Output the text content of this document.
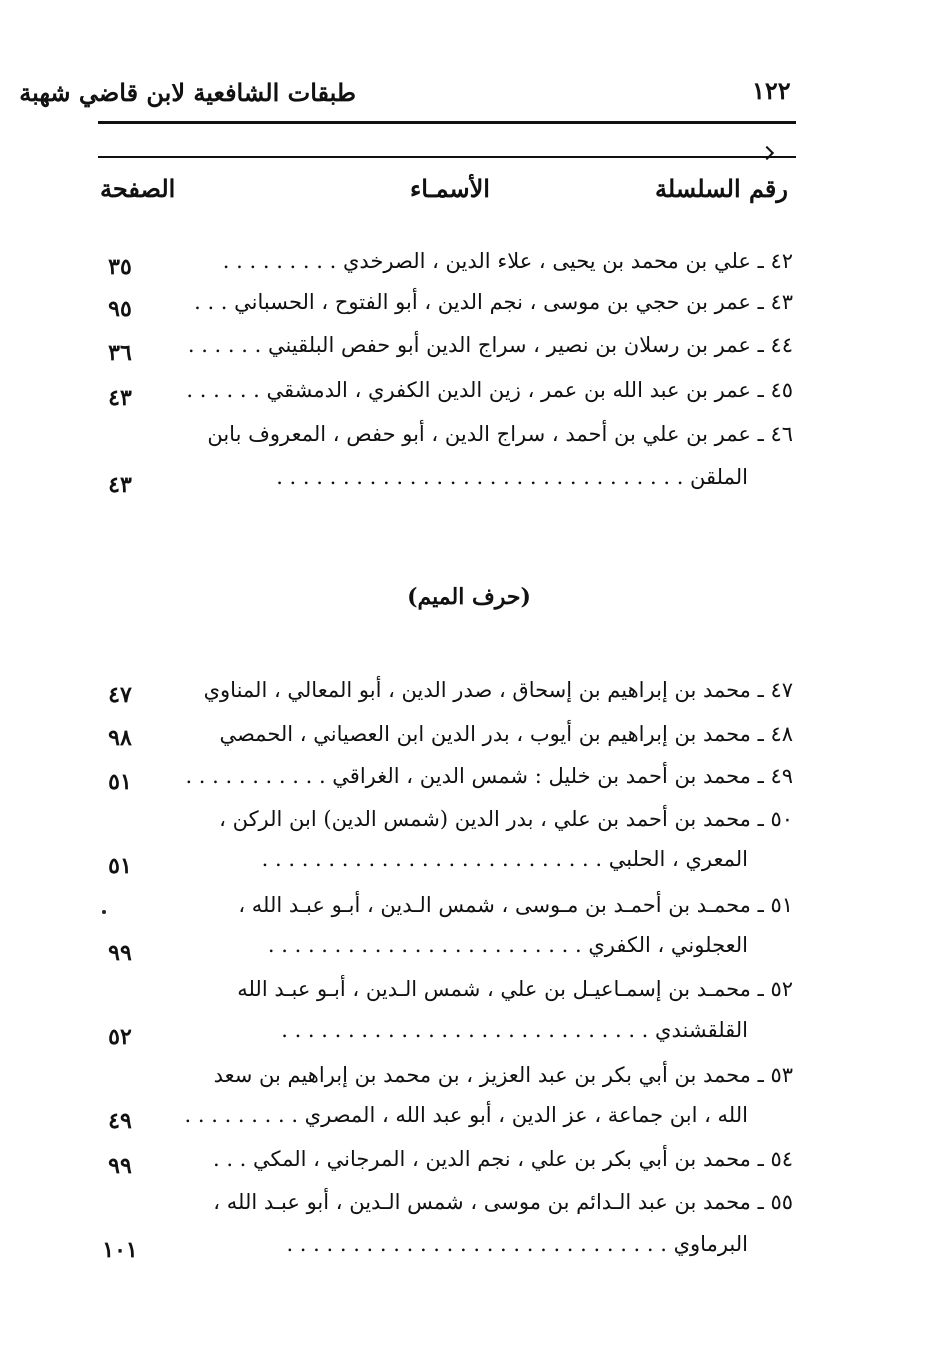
طبقات الشافعية لابن قاضي شهبة	١٢٢
رقم السلسلة
الأسمـاء
الصفحة
٤٢ ـ علي بن محمد بن يحيى ، علاء الدين ، الصرخدي . . . . . . . . .
٣٥
٤٣ ـ عمر بن حجي بن موسى ، نجم الدين ، أبو الفتوح ، الحسباني . . .
٩٥
٤٤ ـ عمر بن رسلان بن نصير ، سراج الدين أبو حفص البلقيني . . . . . .
٣٦
٤٥ ـ عمر بن عبد الله بن عمر ، زين الدين الكفري ، الدمشقي . . . . . .
٤٣
٤٦ ـ عمر بن علي بن أحمد ، سراج الدين ، أبو حفص ، المعروف بابن
الملقن . . . . . . . . . . . . . . . . . . . . . . . . . . . . . . .
٤٣
(حرف الميم)
٤٧ ـ محمد بن إبراهيم بن إسحاق ، صدر الدين ، أبو المعالي ، المناوي
٤٧
٤٨ ـ محمد بن إبراهيم بن أيوب ، بدر الدين ابن العصياني ، الحمصي
٩٨
٤٩ ـ محمد بن أحمد بن خليل : شمس الدين ، الغراقي . . . . . . . . . . .
٥١
٥٠ ـ محمد بن أحمد بن علي ، بدر الدين (شمس الدين) ابن الركن ،
المعري ، الحلبي . . . . . . . . . . . . . . . . . . . . . . . . . .
٥١
٥١ ـ محمـد بن أحمـد بن مـوسى ، شمس الـدين ، أبـو عبـد الله ،
العجلوني ، الكفري . . . . . . . . . . . . . . . . . . . . . . . .
٩٩
٥٢ ـ محمـد بن إسمـاعيـل بن علي ، شمس الـدين ، أبـو عبـد الله
القلقشندي . . . . . . . . . . . . . . . . . . . . . . . . . . . .
٥٢
٥٣ ـ محمد بن أبي بكر بن عبد العزيز ، بن محمد بن إبراهيم بن سعد
الله ، ابن جماعة ، عز الدين ، أبو عبد الله ، المصري . . . . . . . . .
٤٩
٥٤ ـ محمد بن أبي بكر بن علي ، نجم الدين ، المرجاني ، المكي . . .
٩٩
٥٥ ـ محمد بن عبد الـدائم بن موسى ، شمس الـدين ، أبو عبـد الله ،
البرماوي . . . . . . . . . . . . . . . . . . . . . . . . . . . . .
١٠١
